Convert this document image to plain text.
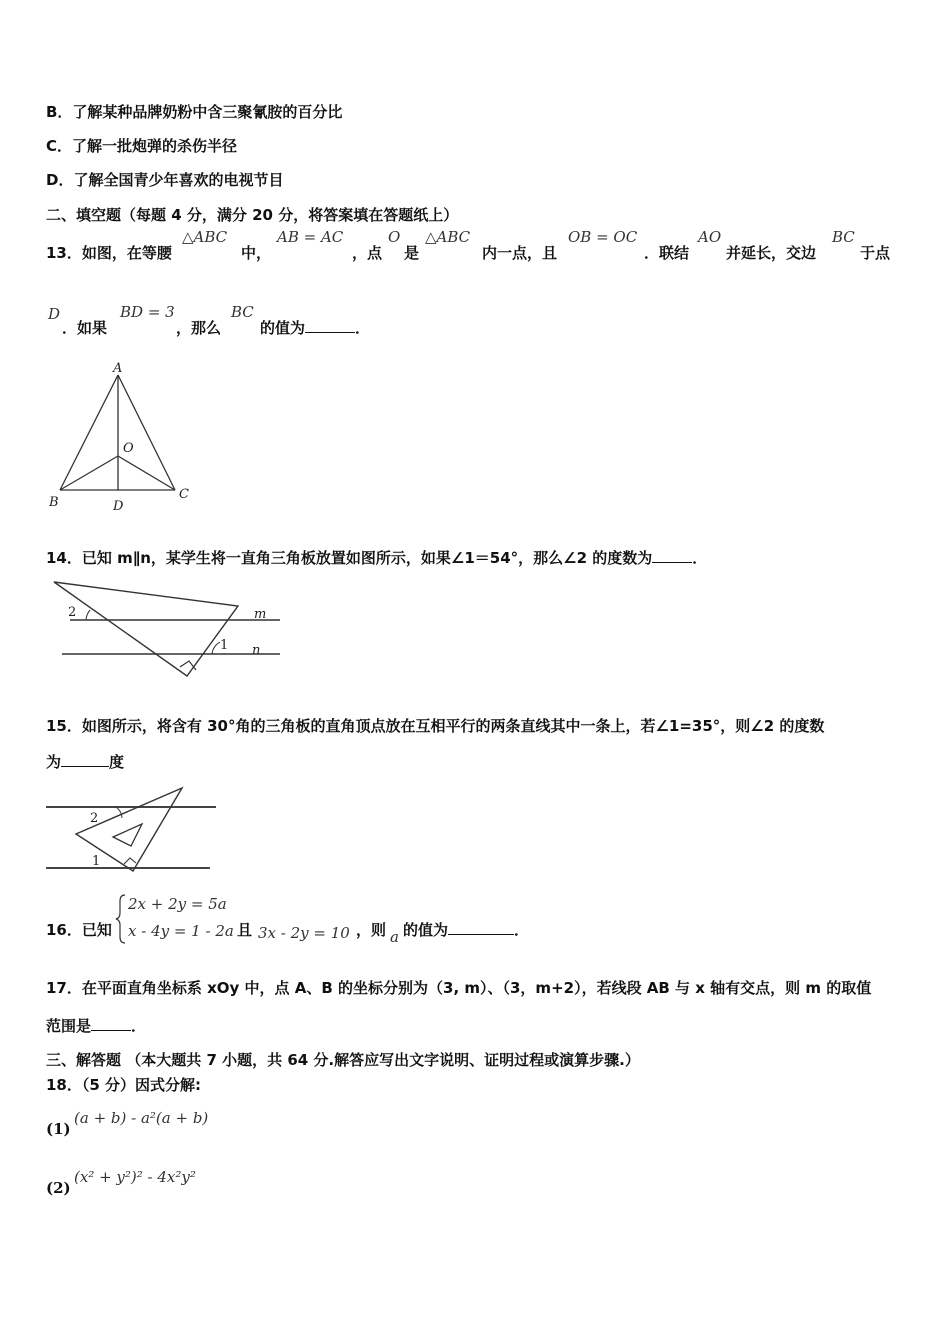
B．了解某种品牌奶粉中含三聚氰胺的百分比
C．了解一批炮弹的杀伤半径
D．了解全国青少年喜欢的电视节目
二、填空题（每题 4 分，满分 20 分，将答案填在答题纸上）
13．如图，在等腰
△ABC
中，
AB = AC
，点
O
是
△ABC
内一点，且
OB = OC
．联结
AO
并延长，交边
BC
于点
D
．如果
BD = 3
，那么
BC
的值为	．
A
O
B	D
C
14．已知 m∥n，某学生将一直角三角板放置如图所示，如果∠1＝54°，那么∠2 的度数为	．
2
1
m
n
15．如图所示，将含有 30°角的三角板的直角顶点放在互相平行的两条直线其中一条上，若∠1=35°，则∠2 的度数
为	度
2
1
16．已知
2x + 2y = 5a
x - 4y = 1 - 2a 且 3x - 2y = 10 ，则 a 的值为	．
17．在平面直角坐标系 xOy 中，点 A、B 的坐标分别为（3, m）、（3，m+2），若线段 AB 与 x 轴有交点，则 m 的取值
范围是	．
三、解答题 （本大题共 7 小题，共 64 分.解答应写出文字说明、证明过程或演算步骤.）
18．（5 分）因式分解:
(1)
(a + b) - a²(a + b)
(2)
(x² + y²)² - 4x²y²
